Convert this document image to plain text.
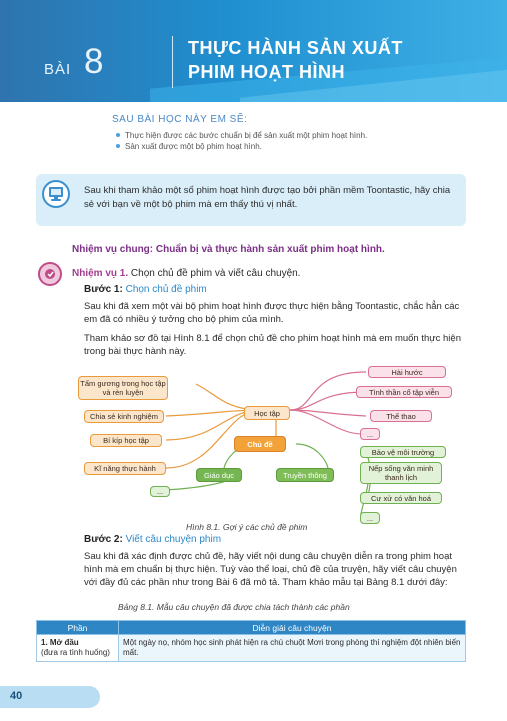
BÀI 8	THỰC HÀNH SẢN XUẤT
PHIM HOẠT HÌNH
SAU BÀI HỌC NÀY EM SẼ:
Thực hiện được các bước chuẩn bị để sản xuất một phim hoạt hình.
Sản xuất được một bộ phim hoạt hình.
Sau khi tham khảo một số phim hoạt hình được tạo bởi phần mềm Toontastic, hãy chia sẻ với bạn về một bộ phim mà em thấy thú vị nhất.
Nhiệm vụ chung: Chuẩn bị và thực hành sản xuất phim hoạt hình.
Nhiệm vụ 1. Chọn chủ đề phim và viết câu chuyện.
Bước 1: Chọn chủ đề phim
Sau khi đã xem một vài bộ phim hoạt hình được thực hiện bằng Toontastic, chắc hẳn các em đã có nhiều ý tưởng cho bộ phim của mình.
Tham khảo sơ đồ tại Hình 8.1 để chọn chủ đề cho phim hoạt hình mà em muốn thực hiện trong bài thực hành này.
Học tập
Chủ đề
Giáo dục	Truyền thông
Tấm gương trong học tập và rèn luyện
Chia sẻ kinh nghiệm
Bí kíp học tập
Kĩ năng thực hành
...
Hài hước
Tình thần cổ tập viễn
Thể thao
...
Bảo vệ môi trường
Nếp sống văn minh thanh lịch
Cư xử có văn hoá
...
Hình 8.1. Gợi ý các chủ đề phim
Bước 2: Viết câu chuyện phim
Sau khi đã xác định được chủ đề, hãy viết nội dung câu chuyện diễn ra trong phim hoạt hình mà em chuẩn bị thực hiện. Tuỳ vào thể loại, chủ đề của truyện, hãy viết câu chuyện với đầy đủ các phần như trong Bài 6 đã mô tả. Tham khảo mẫu tại Bảng 8.1 dưới đây:
Bảng 8.1. Mẫu câu chuyện đã được chia tách thành các phần
Phần	Diễn giải câu chuyện

1. Mở đầu
(đưa ra tình huống)	Một ngày nọ, nhóm học sinh phát hiện ra chú chuột Mơri trong phòng thí nghiệm đột nhiên biến mất.
40
